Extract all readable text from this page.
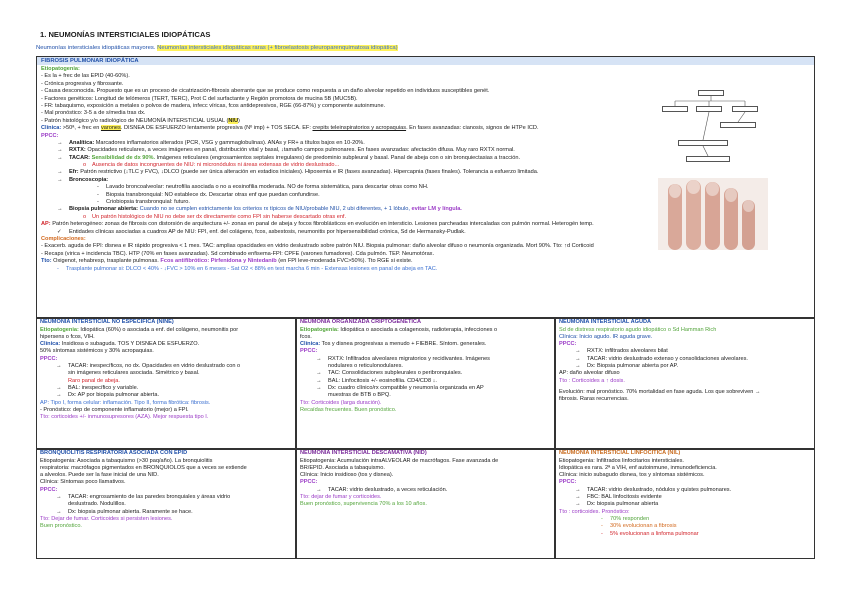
1. NEUMONÍAS INTERSTICIALES IDIOPÁTICAS
Neumonías intersticiales idiopáticas mayores. Neumonías intersticiales idiopáticas raras (+ fibroelastosis pleuroparenquimatosa idiopática)
FIBROSIS PULMONAR IDIOPÁTICA
Etiopatogenia:
- Es la + frec de las EPID (40-60%).
- Crónica progresiva y fibrosante.
- Causa desconocida. Propuesto que es un proceso de cicatrización-fibrosis aberrante que se produce como respuesta a un daño alveolar repetido en individuos susceptibles genét.
- Factores genéticos: Longitud de telómeros (TERT, TERC), Prot C del surfactante y Región promotora de mucina 5B (MUC5B).
- FR: tabaquismo, exposición a metales o polvos de madera, infecc víricas, fcos antidepresivos, RGE (66-87%) y componente autoinmune.
- Mal pronóstico: 3-5 a de s/media tras dx.
- Patrón histológico y/o radiológico de NEUMONÍA INTERSTICIAL USUAL (NIU)
Clínica: >50ª, + frec en varones. DISNEA DE ESFUERZO lentamente progresiva (Nº imp) + TOS SECA. EF: crepits teleinspiratorios y acropaquias. En fases avanzadas: cianosis, signos de HTPe ICD.
PPCC:
→ Analítica: Marcadores inflamatorios alterados (PCR, VSG y gammaglobulinas). ANAs y FR+ a títulos bajos en 10-20%.
→ RXTX: Opacidades reticulares, a veces imágenes en panal, distribución vital y basal, ↓tamaño campos pulmonares. En fases avanzadas: afectación difusa. Muy raro RXTX normal.
→ TACAR: Sensibilidad de dx 90%. Imágenes reticulares (engrosamientos septales irregulares) de predominio subpleural y basal. Panal de abeja con o sin bronquiectasias a tracción.
o Ausencia de datos incongruentes de NIU: ni micronódulos ni áreas extensas de vidrio deslustrado...
→ Efr: Patrón restrictivo (↓TLC y FVC), ↓DLCO (puede ser única alteración en estadios iniciales). Hipoxemia e IR (fases avanzadas). Hipercapnia (fases finales). Tolerancia a esfuerzo limitada.
→ Broncoscopia:
- Lavado broncoalveolar: neutrofilia asociada o no a eosinofilia moderada. NO de forma sistemática, para descartar otras como NH.
- Biopsia transbronquial: NO establece dx. Descartar otras enf que puedan confundirse.
- Criobiopsia transbronquial: futuro.
→ Biopsia pulmonar abierta: Cuando no se cumplen estrictamente los criterios rx típicos de NIU/probable NIU, 2 ubi diferentes, + 1 lóbulo, evitar LM y língula.
o Un patrón histológico de NIU no debe ser dx directamente como FPI sin haberse descartado otras enf.
AP: Patrón heterogéneo: zonas de fibrosis con distorsión de arquitectura +/- zonas en panal de abeja y focos fibroblásticos en evolución en intersticio. Lesiones parcheadas intercaladas con pulmón normal. Heterogén temp.
✓ Entidades clínicas asociadas a cuadros AP de NIU: FPI, enf. del colágeno, fcos, asbestosis, neumonitis por hipersensibilidad crónica, Sd de Hermansky-Pudlak.
Complicaciones:
- Exacerb. aguda de FPI: disnea e IR rápido progresiva < 1 mes. TAC: amplias opacidades en vidrio deslustrado sobre patrón NIU. Biopsia pulmonar: daño alveolar difuso o neumonía organizada. Mort 90%. Tto: ↑d Corticoid
- Recaps (virica + incidencia TBC). HTP (70% en fases avanzadas). Sd combinado enfisema-FPI: CPFE (varones fumadores). Cda pulmón. TEP. Neumotórax.
Tto: Oxigenot, rehabresp, trasplante pulmonas. Fcos antifibrótico: Pirfenidona y Nintedanib (en FPI leve-moderada FVC>50%). Tto RGE si existe.
- Trasplante pulmonar si: DLCO < 40% - ↓FVC > 10% en 6 meses - Sat O2 < 88% en test marcha 6 min - Extensas lesiones en panal de abeja en TAC.
NEUMONÍA INTERSTICIAL NO ESPECÍFICA (NINE)
Etiopatogenia: Idiopática (60%) o asociada a enf. del colágeno, neumonitis por
hipersens o fcos, VIH.
Clínica: Insidiosa o subaguda. TOS Y DISNEA DE ESFUERZO.
50% síntomas sistémicos y 30% acropaquias.
PPCC:
→ TACAR: inespecíficos, no dx. Opacidades en vidrio deslustrado con o
sin imágenes reticulares asociada. Simétrico y basal.
Raro panal de abeja.
→ BAL: inespecífico y variable.
→ Dx: AP por biopsia pulmonar abierta.
AP: Tipo I, forma celular: inflamación. Tipo II, forma fibrótica: fibrosis.
- Pronóstico: dep de componente inflamatorio (mejor) a FPI.
Tto: corticoides +/- inmunosupresores (AZA). Mejor respuesta tipo I.
NEUMONÍA ORGANIZADA CRIPTOGENÉTICA
Etiopatogenia: Idiopática o asociada a colagenosis, radioterapia, infecciones o
fcos.
Clínica: Tos y disnea progresivas a menudo + FIEBRE. Síntom. generales.
PPCC:
→ RXTX: Infiltrados alveolares migratorios y recidivantes. Imágenes
nodulares o reticulonodulares.
→ TAC: Consolidaciones subpleurales o peribronquiales.
→ BAL: Linfocitosis +/- eosinofilia. CD4/CD8 ↓.
→ Dx: cuadro clínico/rx compatible y neumonía organizada en AP
muestras de BTB o BPQ.
Tto: Corticoides (larga duración).
Recaídas frecuentes. Buen pronóstico.
NEUMONÍA INTERSTICIAL AGUDA
Sd de distress respiratorio agudo idiopático o Sd Hamman Rich
Clínica: Inicio agudo. IR aguda grave.
PPCC:
→ RXTX: infiltrados alveolares bilat
→ TACAR: vidrio deslustrado extenso y consolidaciones alveolares.
→ Dx: Biopsia pulmonar abierta por AP.
AP: daño alveolar difuso
Tto : Corticoides a ↑ dosis.
Evolución: mal pronóstico. 70% mortalidad en fase aguda. Los que sobreviven →
fibrosis. Raras recurrencias.
BRONQUIOLITIS RESPIRATORIA ASOCIADA CON EPID
Etiopatogenia: Asociada a tabaquismo (>30 paq/año). La bronquiolitis
respiratoria: macrófagos pigmentados en BRONQUIOLOS que a veces se extiende
a alveolos. Puede ser la fase inicial de una NID.
Clínica: Síntomas poco llamativos.
PPCC:
→ TACAR: engrosamiento de las paredes bronquiales y áreas vidrio
deslustrado. Nodulillos.
→ Dx: biopsia pulmonar abierta. Raramente se hace.
Tto: Dejar de fumar. Corticoides si persisten lesiones.
Buen pronóstico.
NEUMONÍA INTERSTICIAL DESCAMATIVA (NID)
Etiopatogenia: Acumulación intraALVEOLAR de macrófagos. Fase avanzada de
BR/EPID. Asociada a tabaquismo.
Clínica: Inicio insidioso (tos y disnea).
PPCC:
→ TACAR: vidrio deslustrado, a veces reticulación.
Tto: dejar de fumar y corticoides.
Buen pronóstico, supervivencia 70% a los 10 años.
NEUMONÍA INTERSTICIAL LINFOCÍTICA (NIL)
Etiopatogenia: Infiltrados linfocitarios intersticiales.
Idiopática es rara. 2ª a VIH, enf autoinmune, inmunodeficiencia.
Clínica: inicio subagudo disnea, tos y síntomas sistémicos.
PPCC:
→ TACAR: vidrio deslustrado, nódulos y quistes pulmonares.
→ FBC: BAL linfocitosis evidente
→ Dx: biopsia pulmonar abierta
Tto : corticoides. Pronóstico:
- 70% responden
- 30% evolucionan a fibrosis
- 5% evolucionan a linfoma pulmonar
